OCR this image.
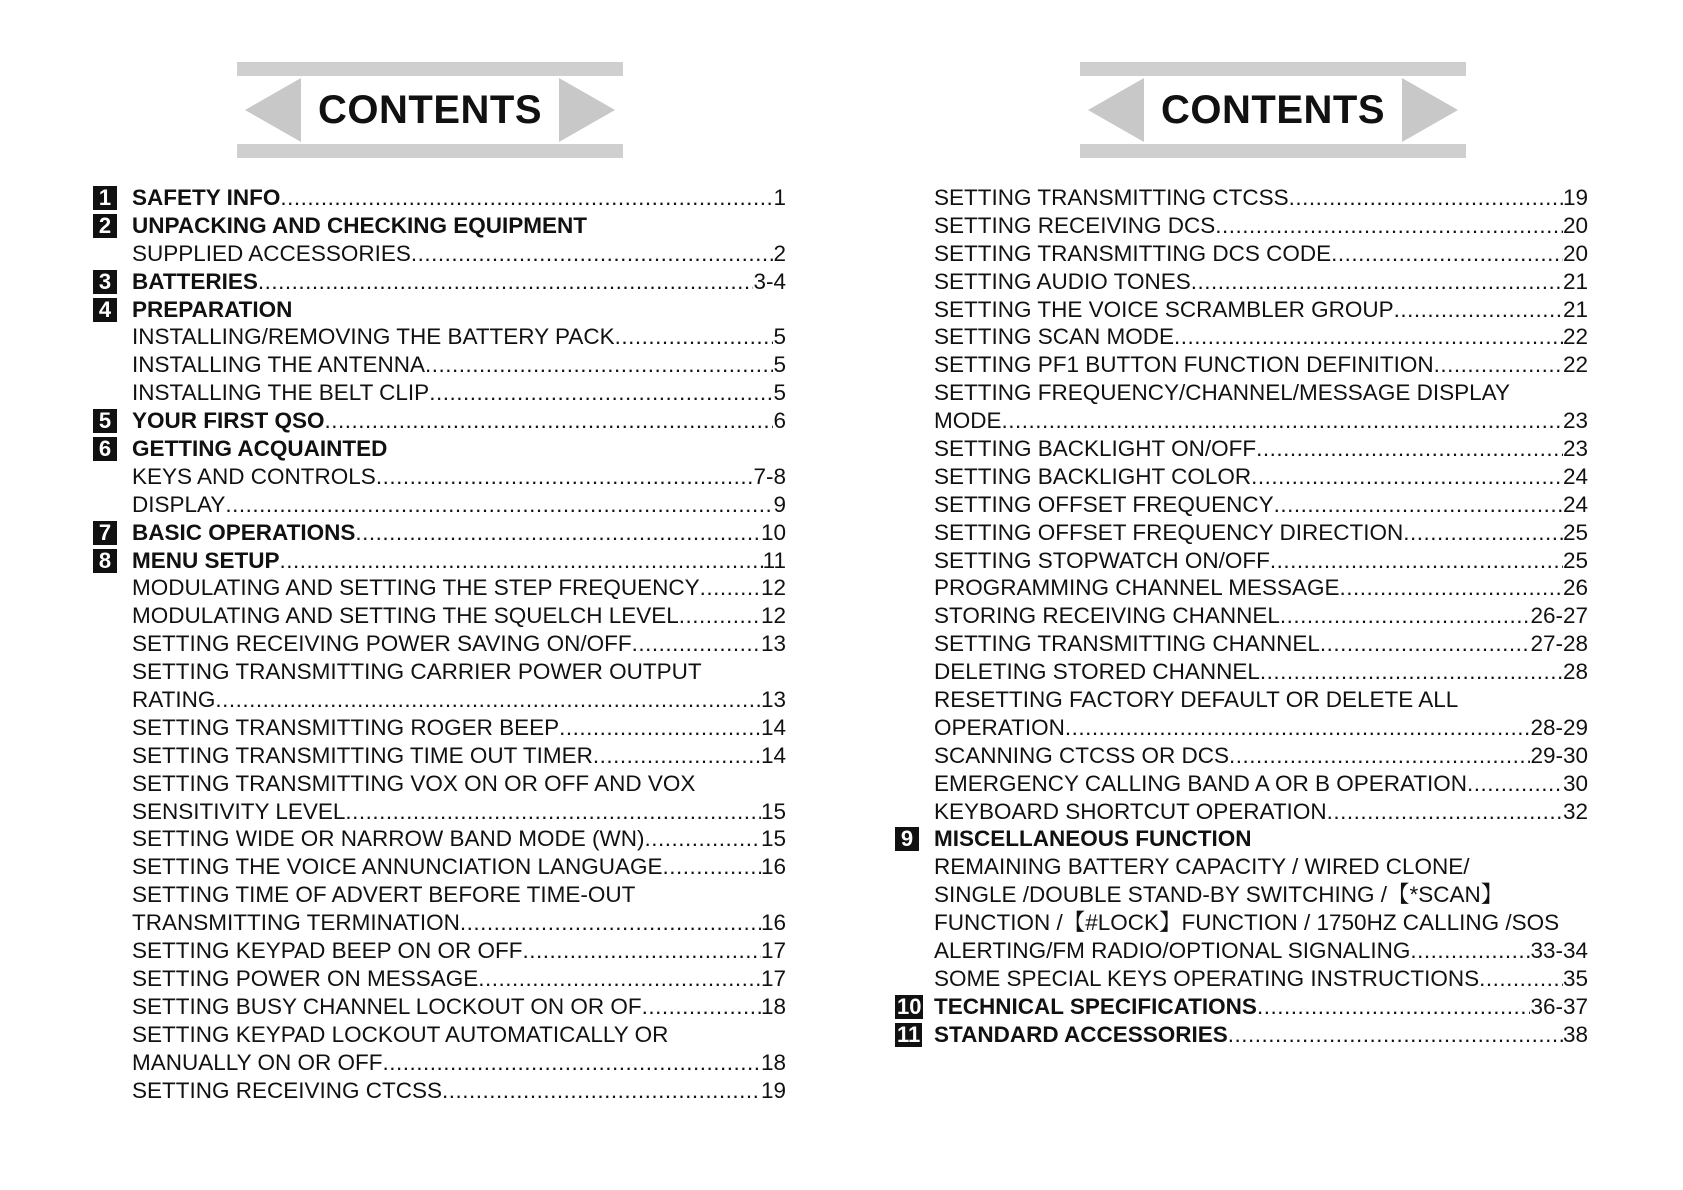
CONTENTS	CONTENTS
1 SAFETY INFO .....	1
2 UNPACKING AND CHECKING EQUIPMENT
SUPPLIED ACCESSORIES .....	2
3 BATTERIES .....	3-4
4 PREPARATION
INSTALLING/REMOVING THE BATTERY PACK .....	5
INSTALLING THE ANTENNA .....	5
INSTALLING THE BELT CLIP .....	5
5 YOUR FIRST QSO .....	6
6 GETTING ACQUAINTED
KEYS AND CONTROLS .....	7-8
DISPLAY .....	9
7 BASIC OPERATIONS .....	10
8 MENU SETUP .....	11
MODULATING AND SETTING THE STEP FREQUENCY .....	12
MODULATING AND SETTING THE SQUELCH LEVEL .....	12
SETTING RECEIVING POWER SAVING ON/OFF .....	13
SETTING TRANSMITTING CARRIER POWER OUTPUT
RATING .....	13
SETTING TRANSMITTING ROGER BEEP .....	14
SETTING TRANSMITTING TIME OUT TIMER .....	14
SETTING TRANSMITTING VOX ON OR OFF AND VOX
SENSITIVITY LEVEL .....	15
SETTING WIDE OR NARROW BAND MODE (WN) .....	15
SETTING THE VOICE ANNUNCIATION LANGUAGE .....	16
SETTING TIME OF ADVERT BEFORE TIME-OUT
TRANSMITTING TERMINATION .....	16
SETTING KEYPAD BEEP ON OR OFF .....	17
SETTING POWER ON MESSAGE .....	17
SETTING BUSY CHANNEL LOCKOUT ON OR OF .....	18
SETTING KEYPAD LOCKOUT AUTOMATICALLY OR
MANUALLY ON OR OFF .....	18
SETTING RECEIVING CTCSS .....	19
SETTING TRANSMITTING CTCSS .....	19
SETTING RECEIVING DCS .....	20
SETTING TRANSMITTING DCS CODE .....	20
SETTING AUDIO TONES .....	21
SETTING THE VOICE SCRAMBLER GROUP .....	21
SETTING SCAN MODE .....	22
SETTING PF1 BUTTON FUNCTION DEFINITION .....	22
SETTING FREQUENCY/CHANNEL/MESSAGE DISPLAY
MODE .....	23
SETTING BACKLIGHT ON/OFF .....	23
SETTING BACKLIGHT COLOR .....	24
SETTING OFFSET FREQUENCY .....	24
SETTING OFFSET FREQUENCY DIRECTION .....	25
SETTING STOPWATCH ON/OFF .....	25
PROGRAMMING CHANNEL MESSAGE .....	26
STORING RECEIVING CHANNEL .....	26-27
SETTING TRANSMITTING CHANNEL .....	27-28
DELETING STORED CHANNEL .....	28
RESETTING FACTORY DEFAULT OR DELETE ALL
OPERATION .....	28-29
SCANNING CTCSS OR DCS .....	29-30
EMERGENCY CALLING BAND A OR B OPERATION .....	30
KEYBOARD SHORTCUT OPERATION .....	32
9 MISCELLANEOUS FUNCTION
REMAINING BATTERY CAPACITY / WIRED CLONE/
SINGLE /DOUBLE STAND-BY SWITCHING /【*SCAN】
FUNCTION /【#LOCK】FUNCTION / 1750HZ CALLING /SOS
ALERTING/FM RADIO/OPTIONAL SIGNALING .....	33-34
SOME SPECIAL KEYS OPERATING INSTRUCTIONS .....	35
10 TECHNICAL SPECIFICATIONS .....	36-37
11 STANDARD ACCESSORIES .....	38
